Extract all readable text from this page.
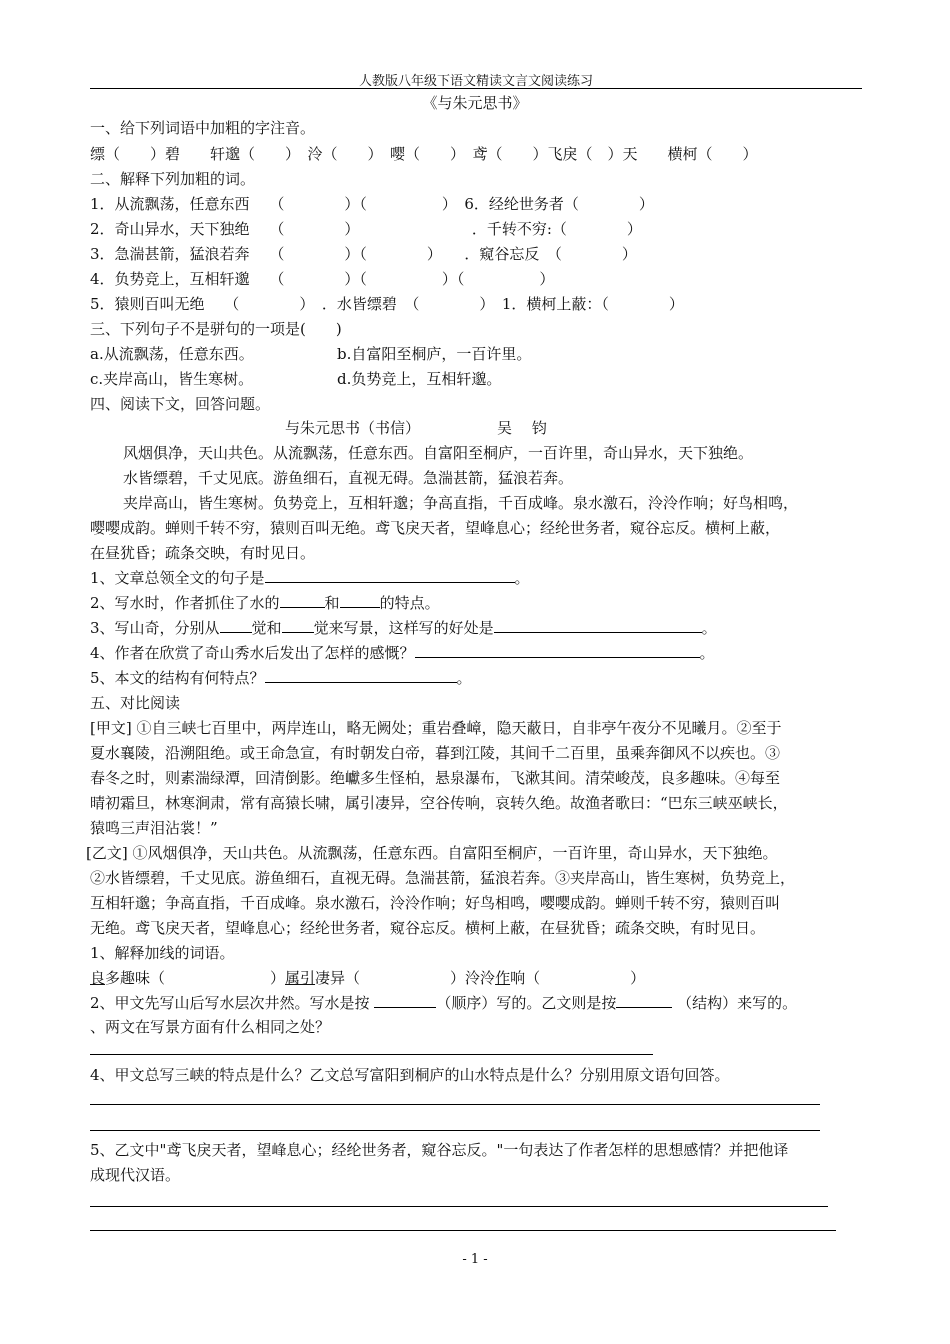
人教版八年级下语文精读文言文阅读练习
《与朱元思书》
一、给下列词语中加粗的字注音。
缥（　　）碧　　轩邈（　　）　泠（　　）　嘤（　　）　鸢（　　）飞戾（　）天　　横柯（　　）
二、解释下列加粗的词。
1．从流飘荡，任意东西　 （　　　　）（　　　　　）　6．经纶世务者（　　　　）
2．奇山异水，天下独绝　 （　　　　）　　　　　　　　．千转不穷:（　　　　）
3．急湍甚箭，猛浪若奔　 （　　　　）（　　　　）　　．窥谷忘反　（　　　　）
4．负势竞上，互相轩邈　 （　　　　）（　　　　　）（　　　　　）
5．猿则百叫无绝　 （　　　　）　．水皆缥碧　（　　　　）　1．横柯上蔽：（　　　　）
三、下列句子不是骈句的一项是(　　)
a.从流飘荡，任意东西。	b.自富阳至桐庐，一百许里。
c.夹岸高山，皆生寒树。	d.负势竞上，互相轩邈。
四、阅读下文，回答问题。
与朱元思书（书信）	吴　 钧
风烟俱净，天山共色。从流飘荡，任意东西。自富阳至桐庐，一百许里，奇山异水，天下独绝。
水皆缥碧，千丈见底。游鱼细石，直视无碍。急湍甚箭，猛浪若奔。
夹岸高山，皆生寒树。负势竞上，互相轩邈；争高直指，千百成峰。泉水激石，泠泠作响；好鸟相鸣，
嘤嘤成韵。蝉则千转不穷，猿则百叫无绝。鸢飞戾天者，望峰息心；经纶世务者，窥谷忘反。横柯上蔽，
在昼犹昏；疏条交映，有时见日。
1、文章总领全文的句子是	。
2、写水时，作者抓住了水的	和	的特点。
3、写山奇，分别从 觉和 觉来写景，这样写的好处是	。
4、作者在欣赏了奇山秀水后发出了怎样的感慨？	。
5、本文的结构有何特点？	。
五、对比阅读
[甲文] ①自三峡七百里中，两岸连山，略无阙处；重岩叠嶂，隐天蔽日，自非亭午夜分不见曦月。②至于
夏水襄陵，沿溯阻绝。或王命急宣，有时朝发白帝，暮到江陵，其间千二百里，虽乘奔御风不以疾也。③
春冬之时，则素湍绿潭，回清倒影。绝巘多生怪柏，悬泉瀑布，飞漱其间。清荣峻茂，良多趣味。④每至
晴初霜旦，林寒涧肃，常有高猿长啸，属引凄异，空谷传响，哀转久绝。故渔者歌曰：“巴东三峡巫峡长，
猿鸣三声泪沾裳！”
[乙文] ①风烟俱净，天山共色。从流飘荡，任意东西。自富阳至桐庐，一百许里，奇山异水，天下独绝。
②水皆缥碧，千丈见底。游鱼细石，直视无碍。急湍甚箭，猛浪若奔。③夹岸高山，皆生寒树，负势竞上，
互相轩邈；争高直指，千百成峰。泉水激石，泠泠作响；好鸟相鸣，嘤嘤成韵。蝉则千转不穷，猿则百叫
无绝。鸢飞戾天者，望峰息心；经纶世务者，窥谷忘反。横柯上蔽，在昼犹昏；疏条交映，有时见日。
1、解释加线的词语。
良多趣味（　　　　　　　）属引凄异（　　　　　　）泠泠作响（　　　　　　）
2、甲文先写山后写水层次井然。写水是按	（顺序）写的。乙文则是按	（结构）来写的。
、两文在写景方面有什么相同之处？
4、甲文总写三峡的特点是什么？乙文总写富阳到桐庐的山水特点是什么？分别用原文语句回答。
5、乙文中"鸢飞戾天者，望峰息心；经纶世务者，窥谷忘反。"一句表达了作者怎样的思想感情？并把他译
成现代汉语。
- 1 -
